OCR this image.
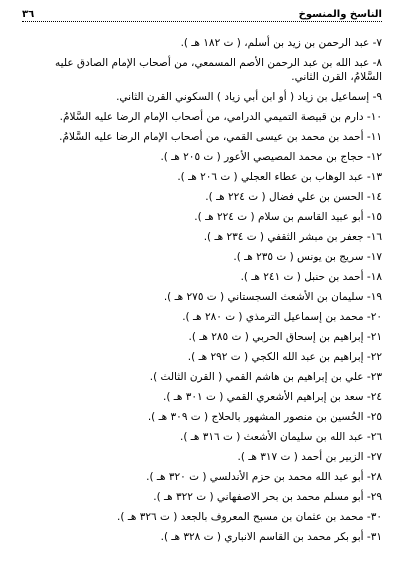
٣٦	الناسخ والمنسوخ

٧- عبد الرحمن بن زيد بن أسلم، ( ت ١٨٢ هـ ).

٨- عبد الله بن عبد الرحمن الأصم المسمعي، من أصحاب الإمام الصادق عليه السَّلامُ، القرن الثاني.

٩- إسماعيل بن زياد ( أو ابن أبي زياد ) السكوني القرن الثاني.

١٠- دارم بن قبيصة التميمي الدرامي، من أصحاب الإمام الرضا عليه السَّلامُ.

١١- أحمد بن محمد بن عيسى القمي، من أصحاب الإمام الرضا عليه السَّلامُ.

١٢- حجاج بن محمد المصيصي الأعور ( ت ٢٠٥ هـ ).

١٣- عبد الوهاب بن عطاء العجلي ( ت ٢٠٦ هـ ).

١٤- الحسن بن علي فضال ( ت ٢٢٤ هـ ).

١٥- أبو عبيد القاسم بن سلام ( ت ٢٢٤ هـ ).

١٦- جعفر بن مبشر الثقفي ( ت ٢٣٤ هـ ).

١٧- سريج بن يونس ( ت ٢٣٥ هـ ).

١٨- أحمد بن حنبل ( ت ٢٤١ هـ ).

١٩- سليمان بن الأشعث السجستاني ( ت ٢٧٥ هـ ).

٢٠- محمد بن إسماعيل الترمذي ( ت ٢٨٠ هـ ).

٢١- إبراهيم بن إسحاق الحربي ( ت ٢٨٥ هـ ).

٢٢- إبراهيم بن عبد الله الكجي ( ت ٢٩٢ هـ ).

٢٣- علي بن إبراهيم بن هاشم القمي ( القرن الثالث ).

٢٤- سعد بن إبراهيم الأشعري القمي ( ت ٣٠١ هـ ).

٢٥- الحُسين بن منصور المشهور بالحلاج ( ت ٣٠٩ هـ ).

٢٦- عبد الله بن سليمان الأشعث ( ت ٣١٦ هـ ).

٢٧- الزبير بن أحمد ( ت ٣١٧ هـ ).

٢٨- أبو عبد الله محمد بن حزم الأندلسي ( ت ٣٢٠ هـ ).

٢٩- أبو مسلم محمد بن بحر الاصفهاني ( ت ٣٢٢ هـ ).

٣٠- محمد بن عثمان بن مسبح المعروف بالجعد ( ت ٣٢٦ هـ ).

٣١- أبو بكر محمد بن القاسم الانباري ( ت ٣٢٨ هـ ).
